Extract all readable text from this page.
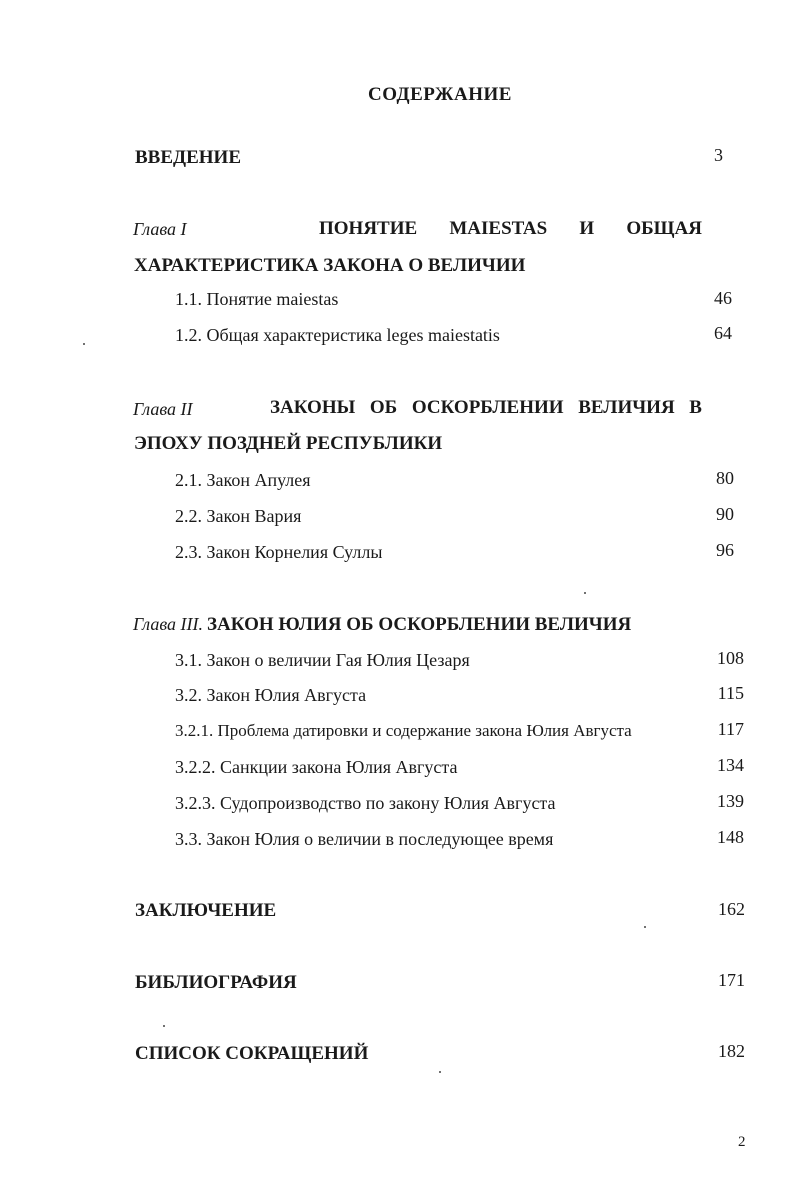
СОДЕРЖАНИЕ
ВВЕДЕНИЕ	3
Глава I	ПОНЯТИЕ MAIESTAS И ОБЩАЯ
ХАРАКТЕРИСТИКА ЗАКОНА О ВЕЛИЧИИ
1.1. Понятие maiestas	46
1.2. Общая характеристика leges maiestatis	64
Глава II	ЗАКОНЫ ОБ ОСКОРБЛЕНИИ ВЕЛИЧИЯ В
ЭПОХУ ПОЗДНЕЙ РЕСПУБЛИКИ
2.1. Закон Апулея	80
2.2. Закон Вария	90
2.3. Закон Корнелия Суллы	96
Глава III. ЗАКОН ЮЛИЯ ОБ ОСКОРБЛЕНИИ ВЕЛИЧИЯ
3.1. Закон о величии Гая Юлия Цезаря	108
3.2. Закон Юлия Августа	115
3.2.1. Проблема датировки и содержание закона Юлия Августа	117
3.2.2. Санкции закона Юлия Августа	134
3.2.3. Судопроизводство по закону Юлия Августа	139
3.3. Закон Юлия о величии в последующее время	148
ЗАКЛЮЧЕНИЕ	162
БИБЛИОГРАФИЯ	171
СПИСОК СОКРАЩЕНИЙ	182
2
